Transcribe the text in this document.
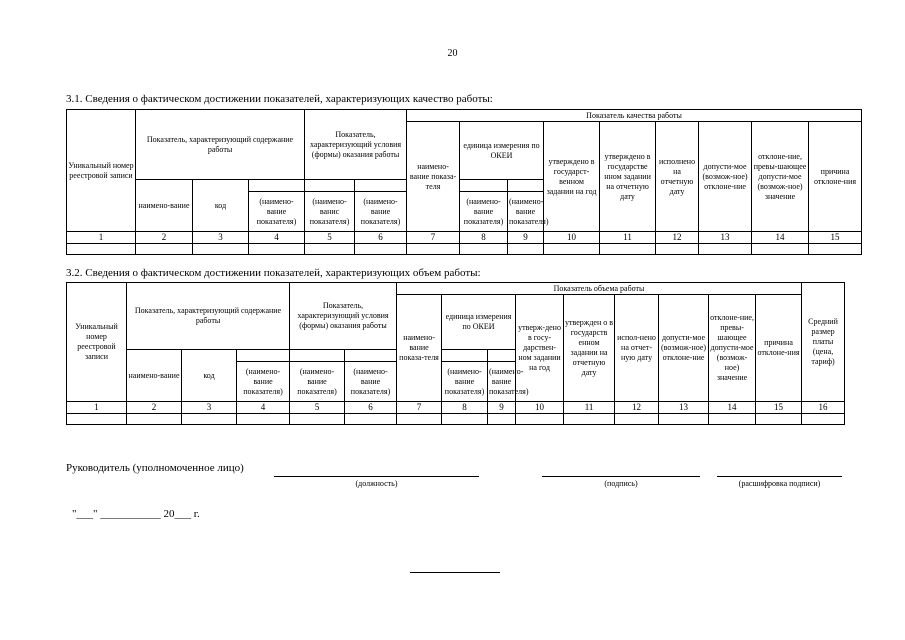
20
3.1. Сведения о фактическом достижении показателей, характеризующих качество работы:
Уникальный номер реестровой записи	Показатель, характеризующий содержание работы			Показатель, характеризующий условия (формы) оказания работы		Показатель качества работы								
						наимено-вание показа-теля	единица измерения по ОКЕИ		утверждено в государст-венном задании на год	утверждено в государстве нном задании на отчетную дату	исполнено на отчетную дату	допусти-мое (возмож-ное) отклоне-ние	отклоне-ние, превы-шающее допусти-мое (возмож-ное) значение	причина отклоне-ния
	наимено-вание	код												
			(наимено-вание показателя)	(наимено-ванис показателя)	(наимено-вание показателя)		(наимено-вание показателя)	(наимено-вание показателя)						
1	2	3	4	5	6	7	8	9	10	11	12	13	14	15

3.2. Сведения о фактическом достижении показателей, характеризующих объем работы:
Уникальный номер реестровой записи	Показатель, характеризующий содержание работы			Показатель, характеризующий условия (формы) оказания работы		Показатель объема работы									Средний размер платы (цена, тариф)
						наимено-вание показа-теля	единица измерения по ОКЕИ		утверж-дено в госу-дарствен-ном задании на год	утвержден о в государств енном задании на отчетную дату	испол-нено на отчет-ную дату	допусти-мое (возмож-ное) отклоне-ние	отклоне-ние, превы-шающее допусти-мое (возмож-ное) значение	причина отклоне-ния	
	наимено-вание	код													
			(наимено-вание показателя)	(наимено-вание показателя)	(наимено-вание показателя)		(наимено-вание показателя)	(наимено-вание показателя)							
1	2	3	4	5	6	7	8	9	10	11	12	13	14	15	16

Руководитель (уполномоченное лицо)
(должность)	(подпись)	(расшифровка подписи)
"___" ___________ 20___ г.
